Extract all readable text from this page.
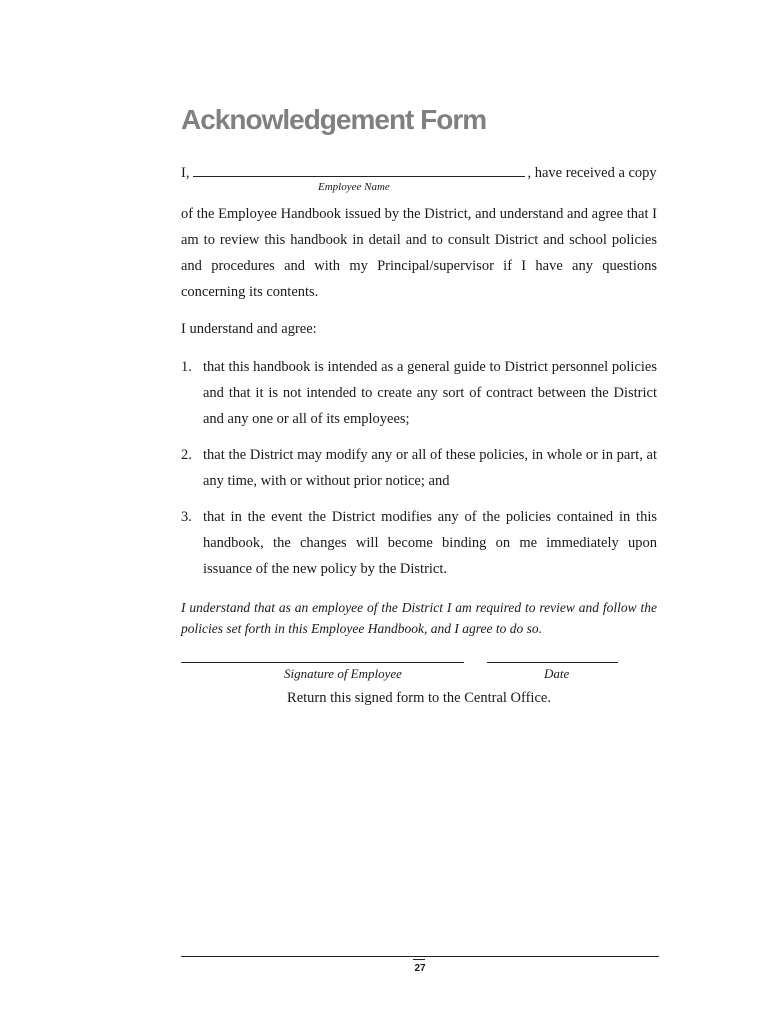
Acknowledgement Form
I,	, have received a copy
Employee Name

of the Employee Handbook issued by the District, and understand and agree that I am to review this handbook in detail and to consult District and school policies and procedures and with my Principal/supervisor if I have any questions concerning its contents.

I understand and agree:

1. that this handbook is intended as a general guide to District personnel policies and that it is not intended to create any sort of contract between the District and any one or all of its employees;
2. that the District may modify any or all of these policies, in whole or in part, at any time, with or without prior notice; and
3. that in the event the District modifies any of the policies contained in this handbook, the changes will become binding on me immediately upon issuance of the new policy by the District.

I understand that as an employee of the District I am required to review and follow the policies set forth in this Employee Handbook, and I agree to do so.

Signature of Employee	Date

Return this signed form to the Central Office.

27
